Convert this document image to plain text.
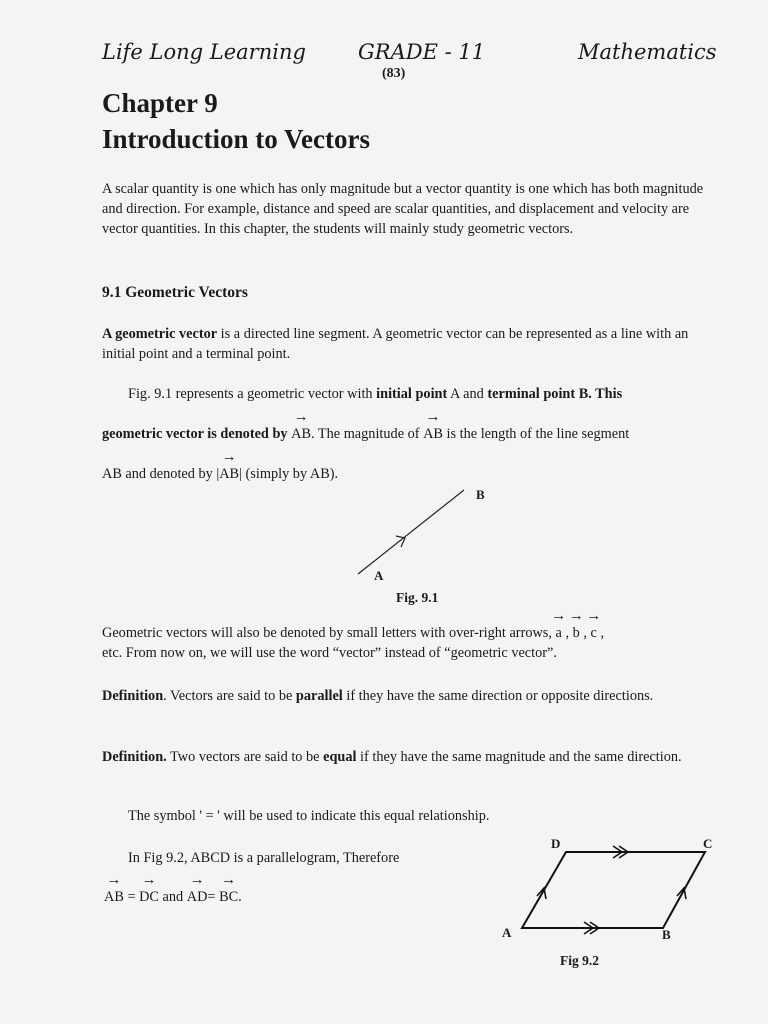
Life Long Learning GRADE - 11	Mathematics
(83)
Chapter 9
Introduction to Vectors
A scalar quantity is one which has only magnitude but a vector quantity is one which has both magnitude and direction. For example, distance and speed are scalar quantities, and displacement and velocity are vector quantities. In this chapter, the students will mainly study geometric vectors.
9.1 Geometric Vectors
A geometric vector is a directed line segment. A geometric vector can be represented as a line with an initial point and a terminal point.
Fig. 9.1 represents a geometric vector with initial point A and terminal point B. This
geometric vector is denoted by → AB. The magnitude of → AB is the length of the line segment
AB and denoted by |→ AB| (simply by AB).
B
A
Fig. 9.1
Geometric vectors will also be denoted by small letters with over-right arrows, → a , → b , → c ,
etc. From now on, we will use the word “vector” instead of “geometric vector”.
Definition. Vectors are said to be parallel if they have the same direction or opposite directions.
Definition. Two vectors are said to be equal if they have the same magnitude and the same direction.
The symbol ' = ' will be used to indicate this equal relationship.
In Fig 9.2, ABCD is a parallelogram, Therefore
→ AB = → DC and → AD= → BC.
D	C
A	B
Fig 9.2
